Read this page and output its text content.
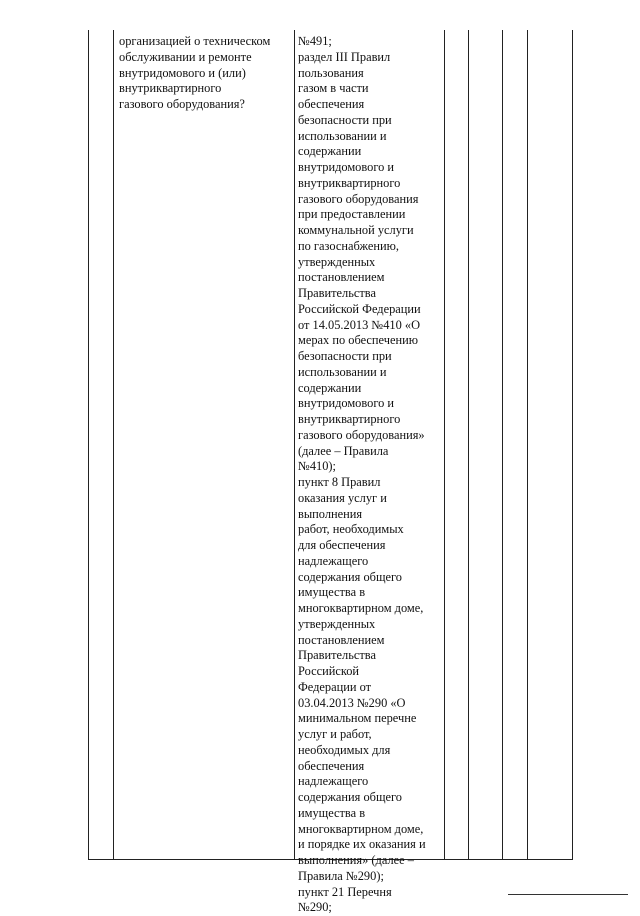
организацией о техническом
обслуживании и ремонте
внутридомового и (или)
внутриквартирного
газового оборудования?
№491;
раздел III Правил
пользования
газом в части
обеспечения
безопасности при
использовании и
содержании
внутридомового и
внутриквартирного
газового оборудования
при предоставлении
коммунальной услуги
по газоснабжению,
утвержденных
постановлением
Правительства
Российской Федерации
от 14.05.2013 №410 «О
мерах по обеспечению
безопасности при
использовании и
содержании
внутридомового и
внутриквартирного
газового оборудования»
(далее – Правила
№410);
пункт 8 Правил
оказания услуг и
выполнения
работ, необходимых
для обеспечения
надлежащего
содержания общего
имущества в
многоквартирном доме,
утвержденных
постановлением
Правительства
Российской
Федерации от
03.04.2013 №290 «О
минимальном перечне
услуг и работ,
необходимых для
обеспечения
надлежащего
содержания общего
имущества в
многоквартирном доме,
и порядке их оказания и
выполнения» (далее –
Правила №290);
пункт 21 Перечня
№290;
